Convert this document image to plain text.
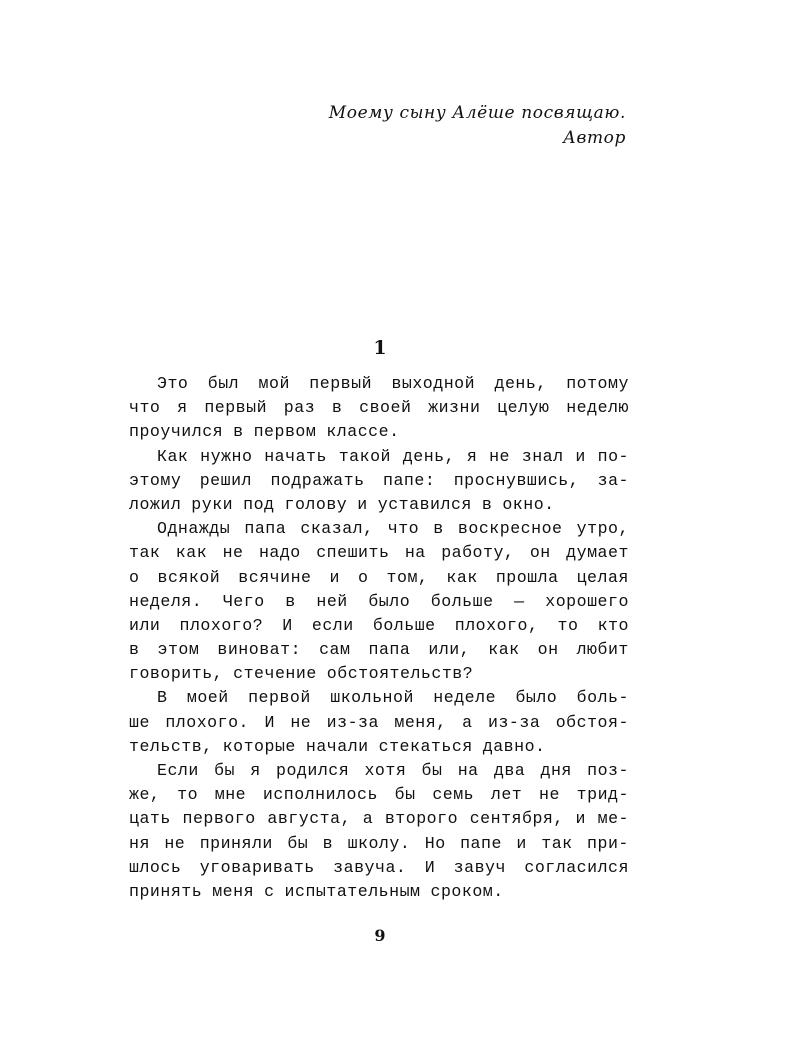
Моему сыну Алёше посвящаю.
Автор
1
Это был мой первый выходной день, потому
что я первый раз в своей жизни целую неделю
проучился в первом классе.
Как нужно начать такой день, я не знал и по-
этому решил подражать папе: проснувшись, за-
ложил руки под голову и уставился в окно.
Однажды папа сказал, что в воскресное утро,
так как не надо спешить на работу, он думает
о всякой всячине и о том, как прошла целая
неделя. Чего в ней было больше — хорошего
или плохого? И если больше плохого, то кто
в этом виноват: сам папа или, как он любит
говорить, стечение обстоятельств?
В моей первой школьной неделе было боль-
ше плохого. И не из-за меня, а из-за обстоя-
тельств, которые начали стекаться давно.
Если бы я родился хотя бы на два дня поз-
же, то мне исполнилось бы семь лет не трид-
цать первого августа, а второго сентября, и ме-
ня не приняли бы в школу. Но папе и так при-
шлось уговаривать завуча. И завуч согласился
принять меня с испытательным сроком.
9
